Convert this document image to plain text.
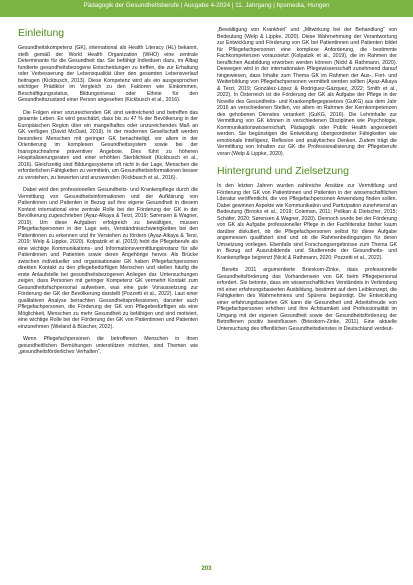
Pädagogik der Gesundheitsberufe | Ausgabe 4-2024 | 11. Jahrgang | hpsmedia, Hungen
Einleitung

Gesundheitskompetenz (GK), international als Health Literacy (HL) bekannt, stellt gemäß der World Health Organization (WHO) eine zentrale Determinante für die Gesundheit dar. Sie befähigt Individuen dazu, im Alltag fundierte gesundheitsbezogene Entscheidungen zu treffen, die zur Erhaltung oder Verbesserung der Lebensqualität über den gesamten Lebensverlauf beitragen (Kickbusch, 2013). Diese Kompetenz wird als ein ausgesprochen wichtiger Prädiktor im Vergleich zu den Faktoren wie Einkommen, Beschäftigungsstatus, Bildungsniveau oder Ethnie für den Gesundheitszustand einer Person angesehen (Kickbusch et al., 2016).

Die Folgen einer unzureichenden GK sind weitreichend und betreffen das gesamte Leben. Es wird geschätzt, dass bis zu 47 % der Bevölkerung in der Europäischen Region über ein mangelhaftes oder unzureichendes Maß an GK verfügen (David McDaid, 2019). In der modernen Gesellschaft werden besonders Menschen mit geringer GK benachteiligt, vor allem in der Orientierung im komplexen Gesundheitssystem sowie bei der Inanspruchnahme präventiver Angebote. Dies führt zu höheren Hospitalisierungsraten und einer erhöhten Sterblichkeit (Kickbusch et al., 2016). Gleichzeitig sind Bildungssysteme oft nicht in der Lage, Menschen die erforderlichen Fähigkeiten zu vermitteln, um Gesundheitsinformationen besser zu verstehen, zu bewerten und anzuwenden (Kickbusch et al., 2016).

Dabei wird den professionellen Gesundheits- und Krankenpflege durch die Vermittlung von Gesundheitsinformationen und der Aufklärung von Patientinnen und Patienten in Bezug auf ihre eigene Gesundheit in diesem Kontext international eine zentrale Rolle bei der Förderung der GK in der Bevölkerung zugeschrieben (Ayaz-Alkaya & Terzi, 2019; Sørensen & Wagner, 2019). Um diese Aufgaben erfolgreich zu bewältigen, müssen Pflegefachpersonen in der Lage sein, Verständnisschwierigkeiten bei den Patientinnen zu erkennen und ihr Verstehen zu fördern (Ayaz-Alkaya & Terzi, 2019; Welp & Lippke, 2020). Kolpatzik et al. (2019) hebt die Pflegeberufe als eine wichtige Kommunikations- und Informationsvermittlungsinstanz für alle Patientinnen und Patienten sowie deren Angehörige hervor. Als Brücke zwischen individueller und organisationaler GK haben Pflegefachpersonen direkten Kontakt zu den pflegebedürftigen Menschen und stellen häufig die erste Anlaufstelle bei gesundheitsbezogenen Anliegen dar. Untersuchungen zeigen, dass Personen mit geringer Kompetenz GK vermehrt Kontakt zum Gesundheitsfachpersonal aufweisen, was eine gute Voraussetzung zur Förderung der GK der Bevölkerung darstellt (Pozzetti et al., 2022). Laut einer qualitativen Analyse betrachten Gesundheitsprofessionen, darunter auch Pflegefachpersonen, die Förderung der GK von Pflegebedürftigen als eine Möglichkeit, Menschen zu mehr Gesundheit zu befähigen und sind motiviert, eine wichtige Rolle bei der Förderung der GK von Patientinnen und Patienten einzunehmen (Wieland & Büscher, 2022).

Wenn Pflegefachpersonen die betroffenen Menschen in ihren gesundheitlichen Bemühungen unterstützen möchten, sind Themen wie „gesundheitsförderliches Verhalten“,

„Bewältigung von Krankheit“ und „Mitwirkung bei der Behandlung“ von Bedeutung (Welp & Lippke, 2020). Diese Wahrnehmung der Verantwortung zur Entwicklung und Förderung von GK bei Patientinnen und Patienten bildet für Pflegefachpersonen eine komplexe Anforderung, die bestimmte Fachkompetenzen voraussetzt (Kolpatzik et al., 2019), die im Rahmen der beruflichen Ausbildung erworben werden können (Nickl & Rathmann, 2020). Deswegen wird in der internationalen Pflegewissenschaft zunehmend darauf hingewiesen, dass Inhalte zum Thema GK im Rahmen der Aus-, Fort- und Weiterbildung von Pflegefachpersonen vermittelt werden sollten (Ayaz-Alkaya & Terzi, 2019; González-López & Rodríguez-Gázquez, 2022; Smith et al., 2022). In Österreich ist die Förderung der GK als Aufgabe der Pflege in der Novelle des Gesundheits- und Krankenpflegegesetzes (GuKG) aus dem Jahr 2016 an verschiedenen Stellen, vor allem im Rahmen der Kernkompetenzen des gehobenen Dienstes verankert (GuKG, 2016). Die Lehrinhalte zur Vermittlung von GK können in verschiedenen Disziplinen wie Psychologie, Kommunikationswissenschaft, Pädagogik oder Public Health angesiedelt werden. Sie begünstigen die Entwicklung übergeordneter Fähigkeiten wie emotionale Intelligenz, Reflexion und analytisches Denken. Zudem trägt die Vermittlung von Inhalten zur GK die Professionalisierung der Pflegeberufe voran (Welp & Lippke, 2020).

Hintergrund und Zielsetzung

In den letzten Jahren wurden zahlreiche Ansätze zur Vermittlung und Förderung der GK von Patientinnen und Patienten in der wissenschaftlichen Literatur veröffentlicht, die von Pflegefachpersonen Anwendung finden sollen. Dabei gewinnen Aspekte wie Kommunikation und Partizipation zunehmend an Bedeutung (Brooks et al., 2019; Coleman, 2011; Pelikan & Dietscher, 2015; Schäfer, 2020; Sørensen & Wagner, 2020). Dennoch wurde bei der Förderung von GK als Aufgabe professioneller Pflege in der Fachliteratur bisher kaum darüber diskutiert, ob die Pflegefachpersonen selbst für diese Aufgabe angemessen qualifiziert sind und ob die Rahmenbedingungen für deren Umsetzung vorliegen. Ebenfalls sind Forschungsergebnisse zum Thema GK in Bezug auf Auszubildende und Studierende der Gesundheits- und Krankenpflege begrenzt (Nickl & Rathmann, 2020; Pozzetti et al., 2022).

Bereits 2011 argumentierte Brieskorn-Zinke, dass professionelle Gesundheitsförderung das Vorhandensein von GK beim Pflegepersonal erfordert. Sie betonte, dass ein wissenschaftliches Verständnis in Verbindung mit einer erfahrungsbasierten Ausbildung, bestimmt auf dem Leibkonzept, die Fähigkeiten des Wahrnehmens und Spürens begünstigt. Die Entwicklung einer erfahrungsbasierten GK kann die Gesundheit und Arbeitsfreude von Pflegefachpersonen erhöhen und ihre Achtsamkeit und Professionalität im Umgang mit der eigenen Gesundheit sowie der Gesundheitsförderung der Betroffenen positiv beeinflussen (Brieskorn-Zinke, 2011). Eine aktuelle Untersuchung des öffentlichen Gesundheitsdienstes in Deutschland verdeut-

203
